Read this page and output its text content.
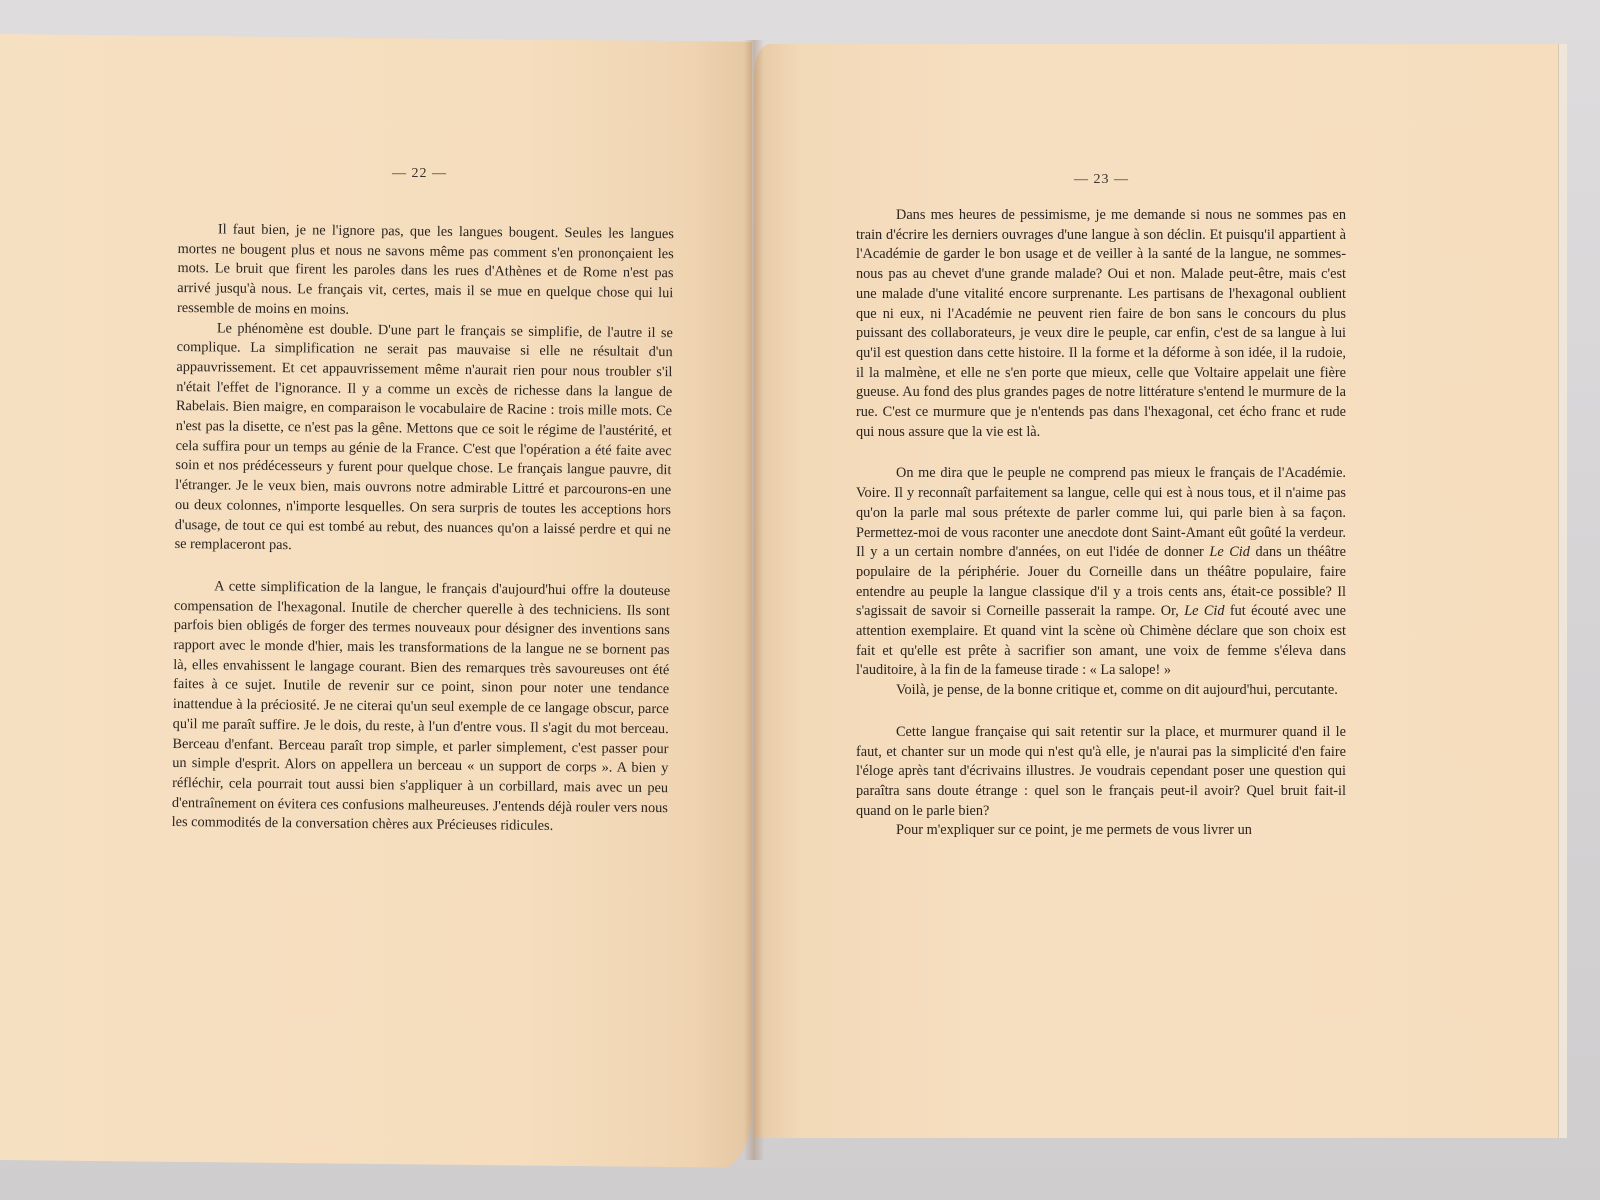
— 22 —

Il faut bien, je ne l'ignore pas, que les langues bougent. Seules les langues mortes ne bougent plus et nous ne savons même pas comment s'en prononçaient les mots. Le bruit que firent les paroles dans les rues d'Athènes et de Rome n'est pas arrivé jusqu'à nous. Le français vit, certes, mais il se mue en quelque chose qui lui ressemble de moins en moins.

Le phénomène est double. D'une part le français se simplifie, de l'autre il se complique. La simplification ne serait pas mauvaise si elle ne résultait d'un appauvrissement. Et cet appauvrissement même n'aurait rien pour nous troubler s'il n'était l'effet de l'ignorance. Il y a comme un excès de richesse dans la langue de Rabelais. Bien maigre, en comparaison le vocabulaire de Racine : trois mille mots. Ce n'est pas la disette, ce n'est pas la gêne. Mettons que ce soit le régime de l'austérité, et cela suffira pour un temps au génie de la France. C'est que l'opération a été faite avec soin et nos prédécesseurs y furent pour quelque chose. Le français langue pauvre, dit l'étranger. Je le veux bien, mais ouvrons notre admirable Littré et parcourons-en une ou deux colonnes, n'importe lesquelles. On sera surpris de toutes les acceptions hors d'usage, de tout ce qui est tombé au rebut, des nuances qu'on a laissé perdre et qui ne se remplaceront pas.

A cette simplification de la langue, le français d'aujourd'hui offre la douteuse compensation de l'hexagonal. Inutile de chercher querelle à des techniciens. Ils sont parfois bien obligés de forger des termes nouveaux pour désigner des inventions sans rapport avec le monde d'hier, mais les transformations de la langue ne se bornent pas là, elles envahissent le langage courant. Bien des remarques très savoureuses ont été faites à ce sujet. Inutile de revenir sur ce point, sinon pour noter une tendance inattendue à la préciosité. Je ne citerai qu'un seul exemple de ce langage obscur, parce qu'il me paraît suffire. Je le dois, du reste, à l'un d'entre vous. Il s'agit du mot berceau. Berceau d'enfant. Berceau paraît trop simple, et parler simplement, c'est passer pour un simple d'esprit. Alors on appellera un berceau « un support de corps ». A bien y réfléchir, cela pourrait tout aussi bien s'appliquer à un corbillard, mais avec un peu d'entraînement on évitera ces confusions malheureuses. J'entends déjà rouler vers nous les commodités de la conversation chères aux Précieuses ridicules.

— 23 —

Dans mes heures de pessimisme, je me demande si nous ne sommes pas en train d'écrire les derniers ouvrages d'une langue à son déclin. Et puisqu'il appartient à l'Académie de garder le bon usage et de veiller à la santé de la langue, ne sommes-nous pas au chevet d'une grande malade? Oui et non. Malade peut-être, mais c'est une malade d'une vitalité encore surprenante. Les partisans de l'hexagonal oublient que ni eux, ni l'Académie ne peuvent rien faire de bon sans le concours du plus puissant des collaborateurs, je veux dire le peuple, car enfin, c'est de sa langue à lui qu'il est question dans cette histoire. Il la forme et la déforme à son idée, il la rudoie, il la malmène, et elle ne s'en porte que mieux, celle que Voltaire appelait une fière gueuse. Au fond des plus grandes pages de notre littérature s'entend le murmure de la rue. C'est ce murmure que je n'entends pas dans l'hexagonal, cet écho franc et rude qui nous assure que la vie est là.

On me dira que le peuple ne comprend pas mieux le français de l'Académie. Voire. Il y reconnaît parfaitement sa langue, celle qui est à nous tous, et il n'aime pas qu'on la parle mal sous prétexte de parler comme lui, qui parle bien à sa façon. Permettez-moi de vous raconter une anecdote dont Saint-Amant eût goûté la verdeur. Il y a un certain nombre d'années, on eut l'idée de donner Le Cid dans un théâtre populaire de la périphérie. Jouer du Corneille dans un théâtre populaire, faire entendre au peuple la langue classique d'il y a trois cents ans, était-ce possible? Il s'agissait de savoir si Corneille passerait la rampe. Or, Le Cid fut écouté avec une attention exemplaire. Et quand vint la scène où Chimène déclare que son choix est fait et qu'elle est prête à sacrifier son amant, une voix de femme s'éleva dans l'auditoire, à la fin de la fameuse tirade : « La salope! »

Voilà, je pense, de la bonne critique et, comme on dit aujourd'hui, percutante.

Cette langue française qui sait retentir sur la place, et murmurer quand il le faut, et chanter sur un mode qui n'est qu'à elle, je n'aurai pas la simplicité d'en faire l'éloge après tant d'écrivains illustres. Je voudrais cependant poser une question qui paraîtra sans doute étrange : quel son le français peut-il avoir? Quel bruit fait-il quand on le parle bien?

Pour m'expliquer sur ce point, je me permets de vous livrer un
